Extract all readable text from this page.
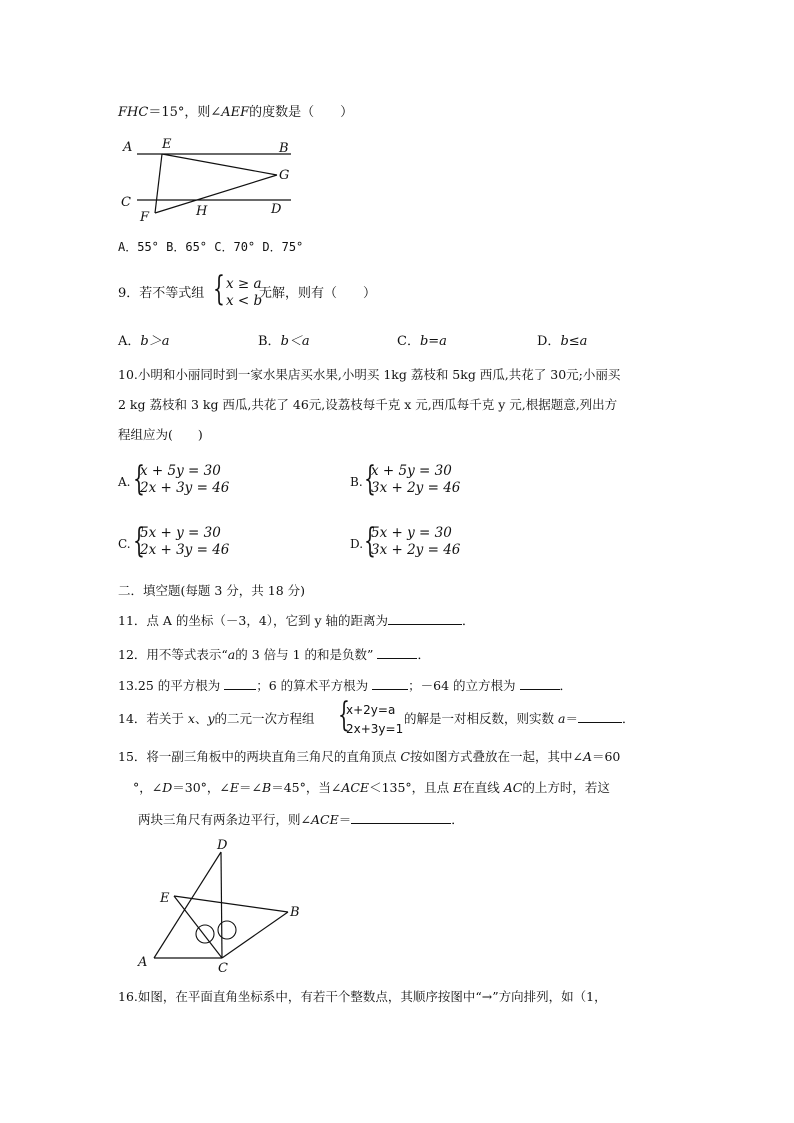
FHC＝15°，则∠AEF的度数是（　　）
A E	B
G
C	D
F	H
A．55° B．65° C．70° D．75°
9．若不等式组 { x ≥ a
x < b
无解，则有（　　）
A．b＞a	B．b＜a	C．b=a	D．b≤a
10.小明和小丽同时到一家水果店买水果,小明买 1kg 荔枝和 5kg 西瓜,共花了 30元;小丽买
2 kg 荔枝和 3 kg 西瓜,共花了 46元,设荔枝每千克 x 元,西瓜每千克 y 元,根据题意,列出方
程组应为(　　)
A. {
x + 5y = 30
2x + 3y = 46	B. {
x + 5y = 30
3x + 2y = 46
C. {
5x + y = 30
2x + 3y = 46	D. {
5x + y = 30
3x + 2y = 46
二．填空题(每题 3 分，共 18 分)
11．点 A 的坐标（－3，4），它到 y 轴的距离为	．
12．用不等式表示“a的 3 倍与 1 的和是负数”	．
13.25 的平方根为	；6 的算术平方根为	；－64 的立方根为	．
14．若关于 x、y的二元一次方程组 {
x+2y=a
2x+3y=1
的解是一对相反数，则实数 a＝	．
15．将一副三角板中的两块直角三角尺的直角顶点 C按如图方式叠放在一起，其中∠A＝60
°，∠D＝30°，∠E＝∠B＝45°，当∠ACE＜135°，且点 E在直线 AC的上方时，若这
两块三角尺有两条边平行，则∠ACE＝	．
D
E
B
A	C
16.如图，在平面直角坐标系中，有若干个整数点，其顺序按图中“→”方向排列，如（1，
